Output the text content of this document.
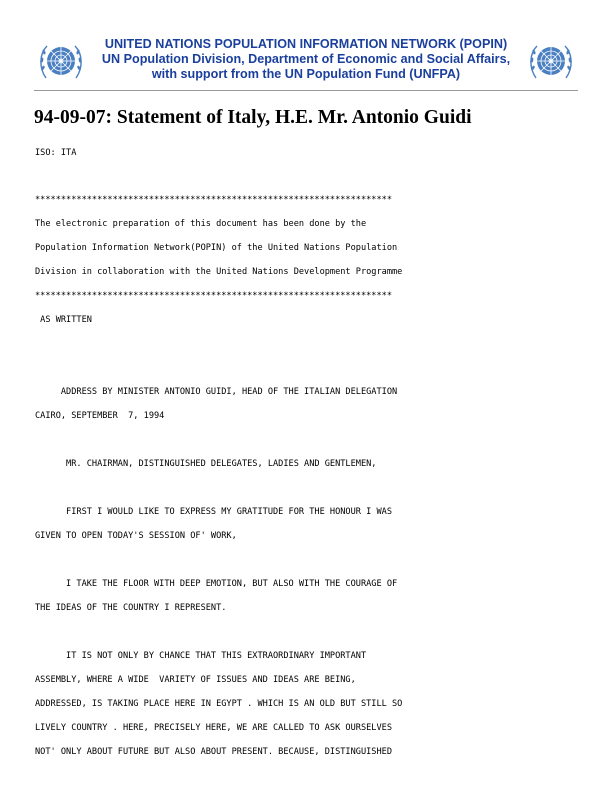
UNITED NATIONS POPULATION INFORMATION NETWORK (POPIN)
UN Population Division, Department of Economic and Social Affairs,
with support from the UN Population Fund (UNFPA)
94-09-07: Statement of Italy, H.E. Mr. Antonio Guidi
ISO: ITA
*********************************************************************
The electronic preparation of this document has been done by the
Population Information Network(POPIN) of the United Nations Population
Division in collaboration with the United Nations Development Programme
*********************************************************************
AS WRITTEN
ADDRESS BY MINISTER ANTONIO GUIDI, HEAD OF THE ITALIAN DELEGATION
CAIRO, SEPTEMBER  7, 1994
MR. CHAIRMAN, DISTINGUISHED DELEGATES, LADIES AND GENTLEMEN,
FIRST I WOULD LIKE TO EXPRESS MY GRATITUDE FOR THE HONOUR I WAS
GIVEN TO OPEN TODAY'S SESSION OF' WORK,
I TAKE THE FLOOR WITH DEEP EMOTION, BUT ALSO WITH THE COURAGE OF
THE IDEAS OF THE COUNTRY I REPRESENT.
IT IS NOT ONLY BY CHANCE THAT THIS EXTRAORDINARY IMPORTANT
ASSEMBLY, WHERE A WIDE  VARIETY OF ISSUES AND IDEAS ARE BEING,
ADDRESSED, IS TAKING PLACE HERE IN EGYPT . WHICH IS AN OLD BUT STILL SO
LIVELY COUNTRY . HERE, PRECISELY HERE, WE ARE CALLED TO ASK OURSELVES
NOT' ONLY ABOUT FUTURE BUT ALSO ABOUT PRESENT. BECAUSE, DISTINGUISHED
